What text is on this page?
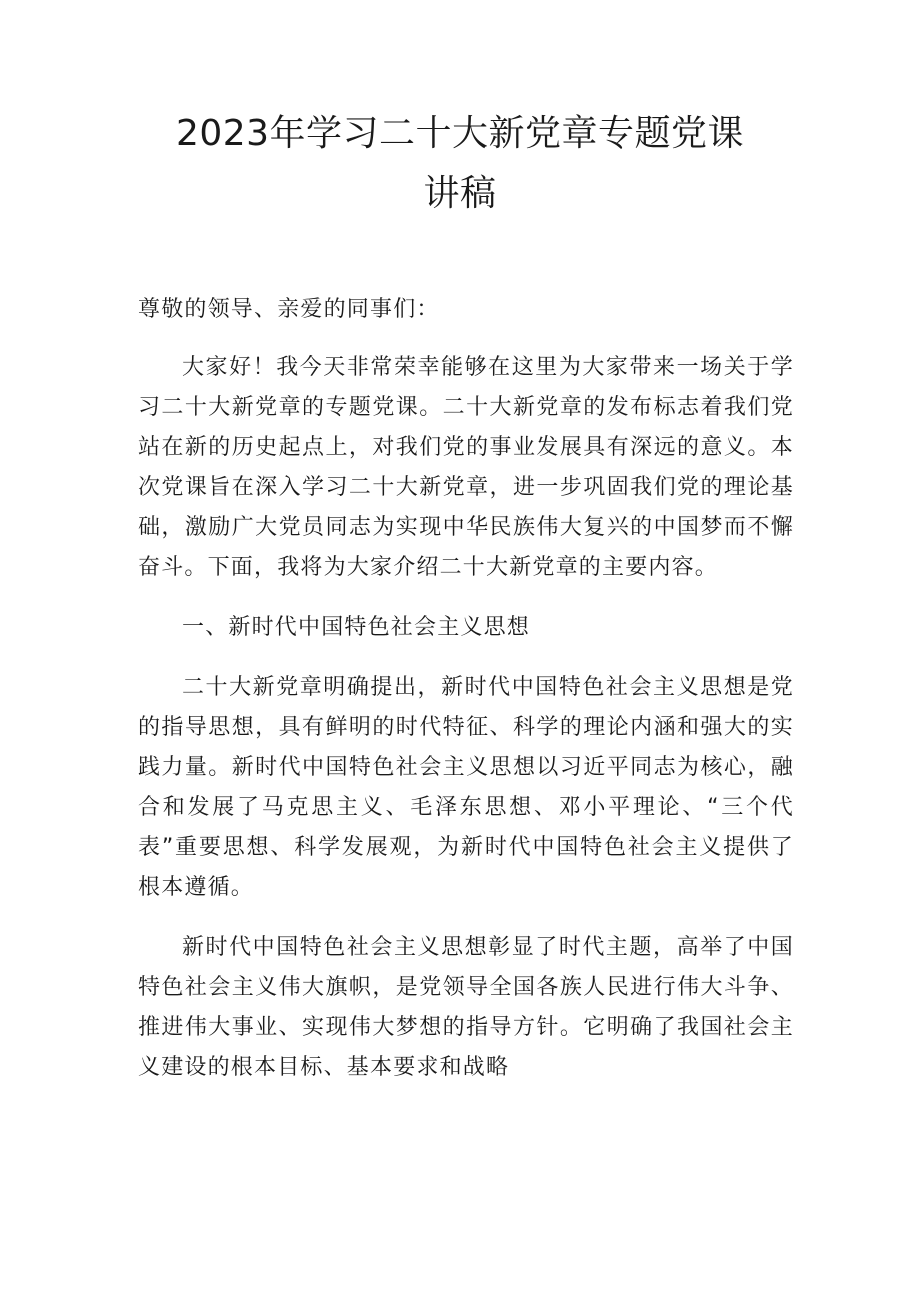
2023年学习二十大新党章专题党课
讲稿

尊敬的领导、亲爱的同事们：

大家好！我今天非常荣幸能够在这里为大家带来一场关于学习二十大新党章的专题党课。二十大新党章的发布标志着我们党站在新的历史起点上，对我们党的事业发展具有深远的意义。本次党课旨在深入学习二十大新党章，进一步巩固我们党的理论基础，激励广大党员同志为实现中华民族伟大复兴的中国梦而不懈奋斗。下面，我将为大家介绍二十大新党章的主要内容。

一、新时代中国特色社会主义思想

二十大新党章明确提出，新时代中国特色社会主义思想是党的指导思想，具有鲜明的时代特征、科学的理论内涵和强大的实践力量。新时代中国特色社会主义思想以习近平同志为核心，融合和发展了马克思主义、毛泽东思想、邓小平理论、“三个代表”重要思想、科学发展观，为新时代中国特色社会主义提供了根本遵循。

新时代中国特色社会主义思想彰显了时代主题，高举了中国特色社会主义伟大旗帜，是党领导全国各族人民进行伟大斗争、推进伟大事业、实现伟大梦想的指导方针。它明确了我国社会主义建设的根本目标、基本要求和战略
